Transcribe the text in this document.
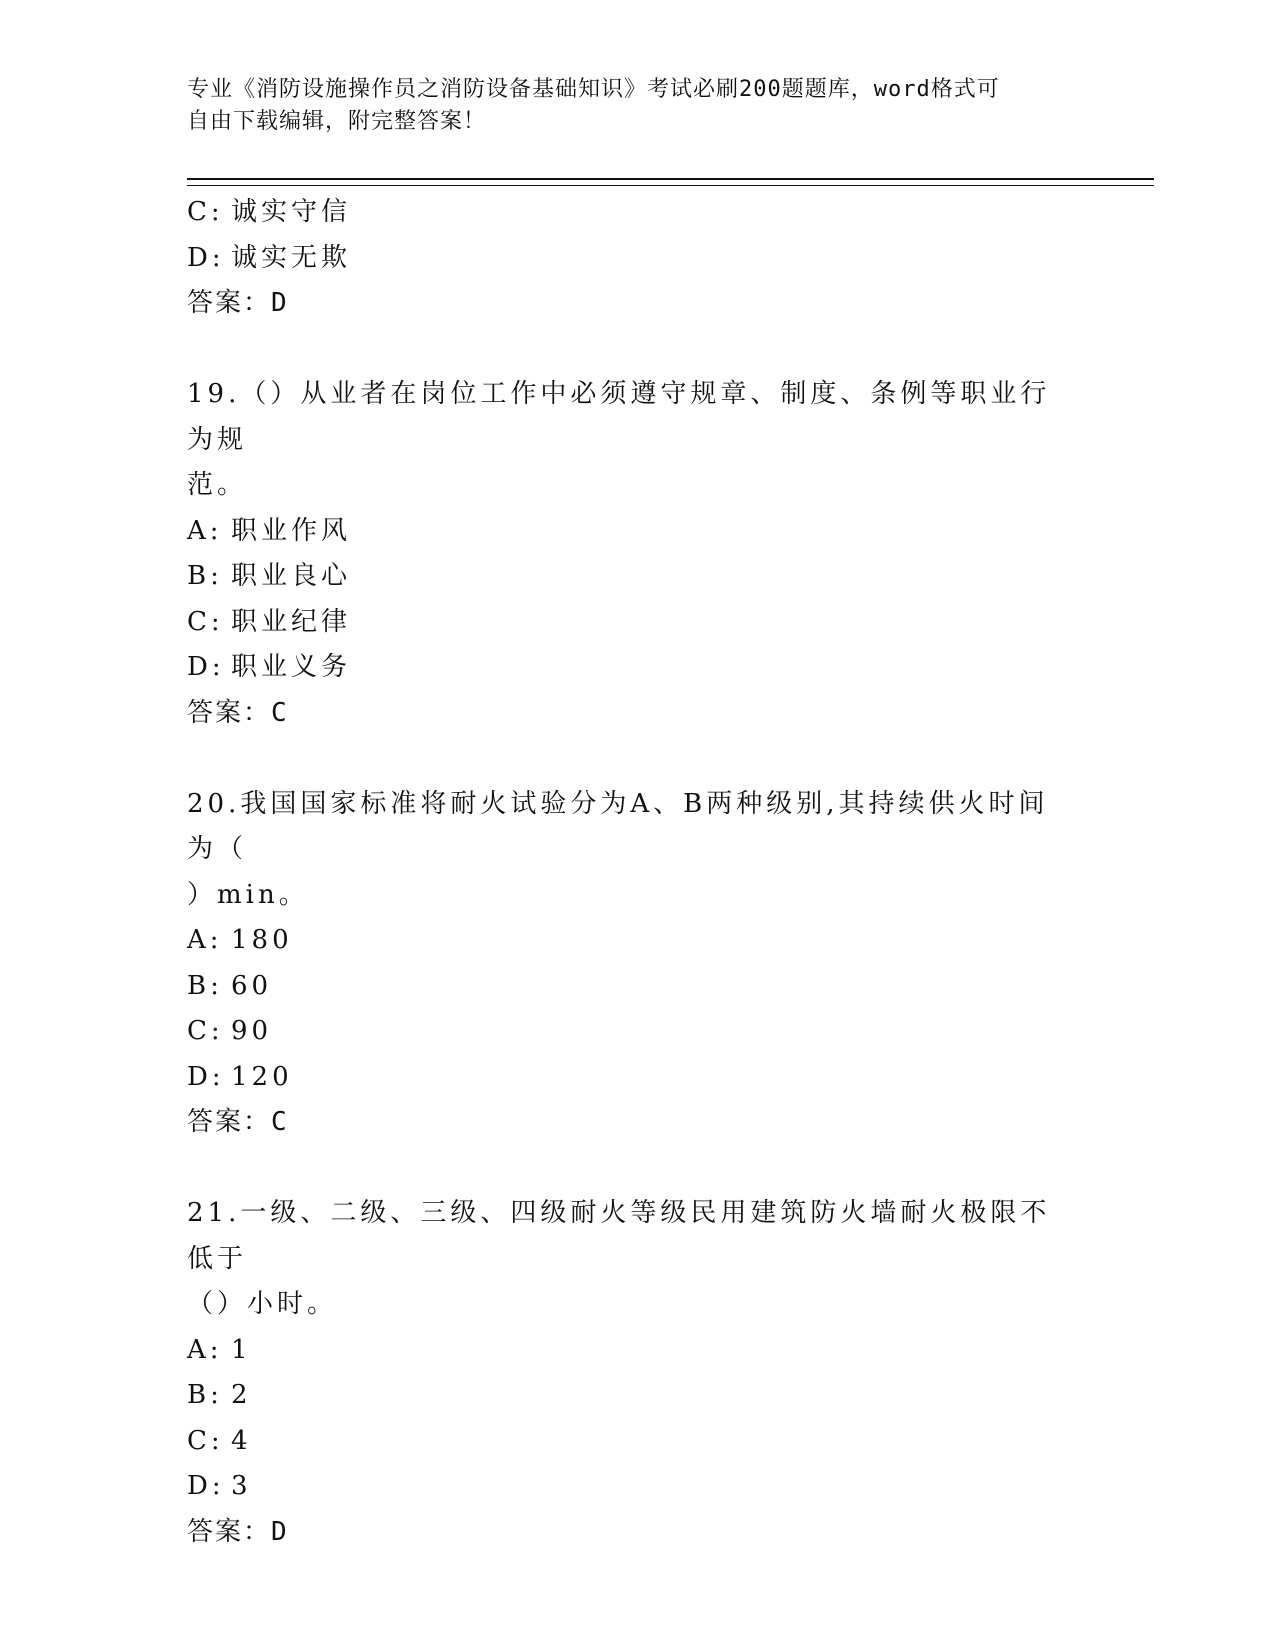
专业《消防设施操作员之消防设备基础知识》考试必刷200题题库，word格式可
自由下载编辑，附完整答案！
C: 诚实守信
D: 诚实无欺
答案：D
19.（）从业者在岗位工作中必须遵守规章、制度、条例等职业行为规
范。
A: 职业作风
B: 职业良心
C: 职业纪律
D: 职业义务
答案：C
20.我国国家标准将耐火试验分为A、B两种级别,其持续供火时间为（
）min。
A: 180
B: 60
C: 90
D: 120
答案：C
21.一级、二级、三级、四级耐火等级民用建筑防火墙耐火极限不低于
（）小时。
A: 1
B: 2
C: 4
D: 3
答案：D
